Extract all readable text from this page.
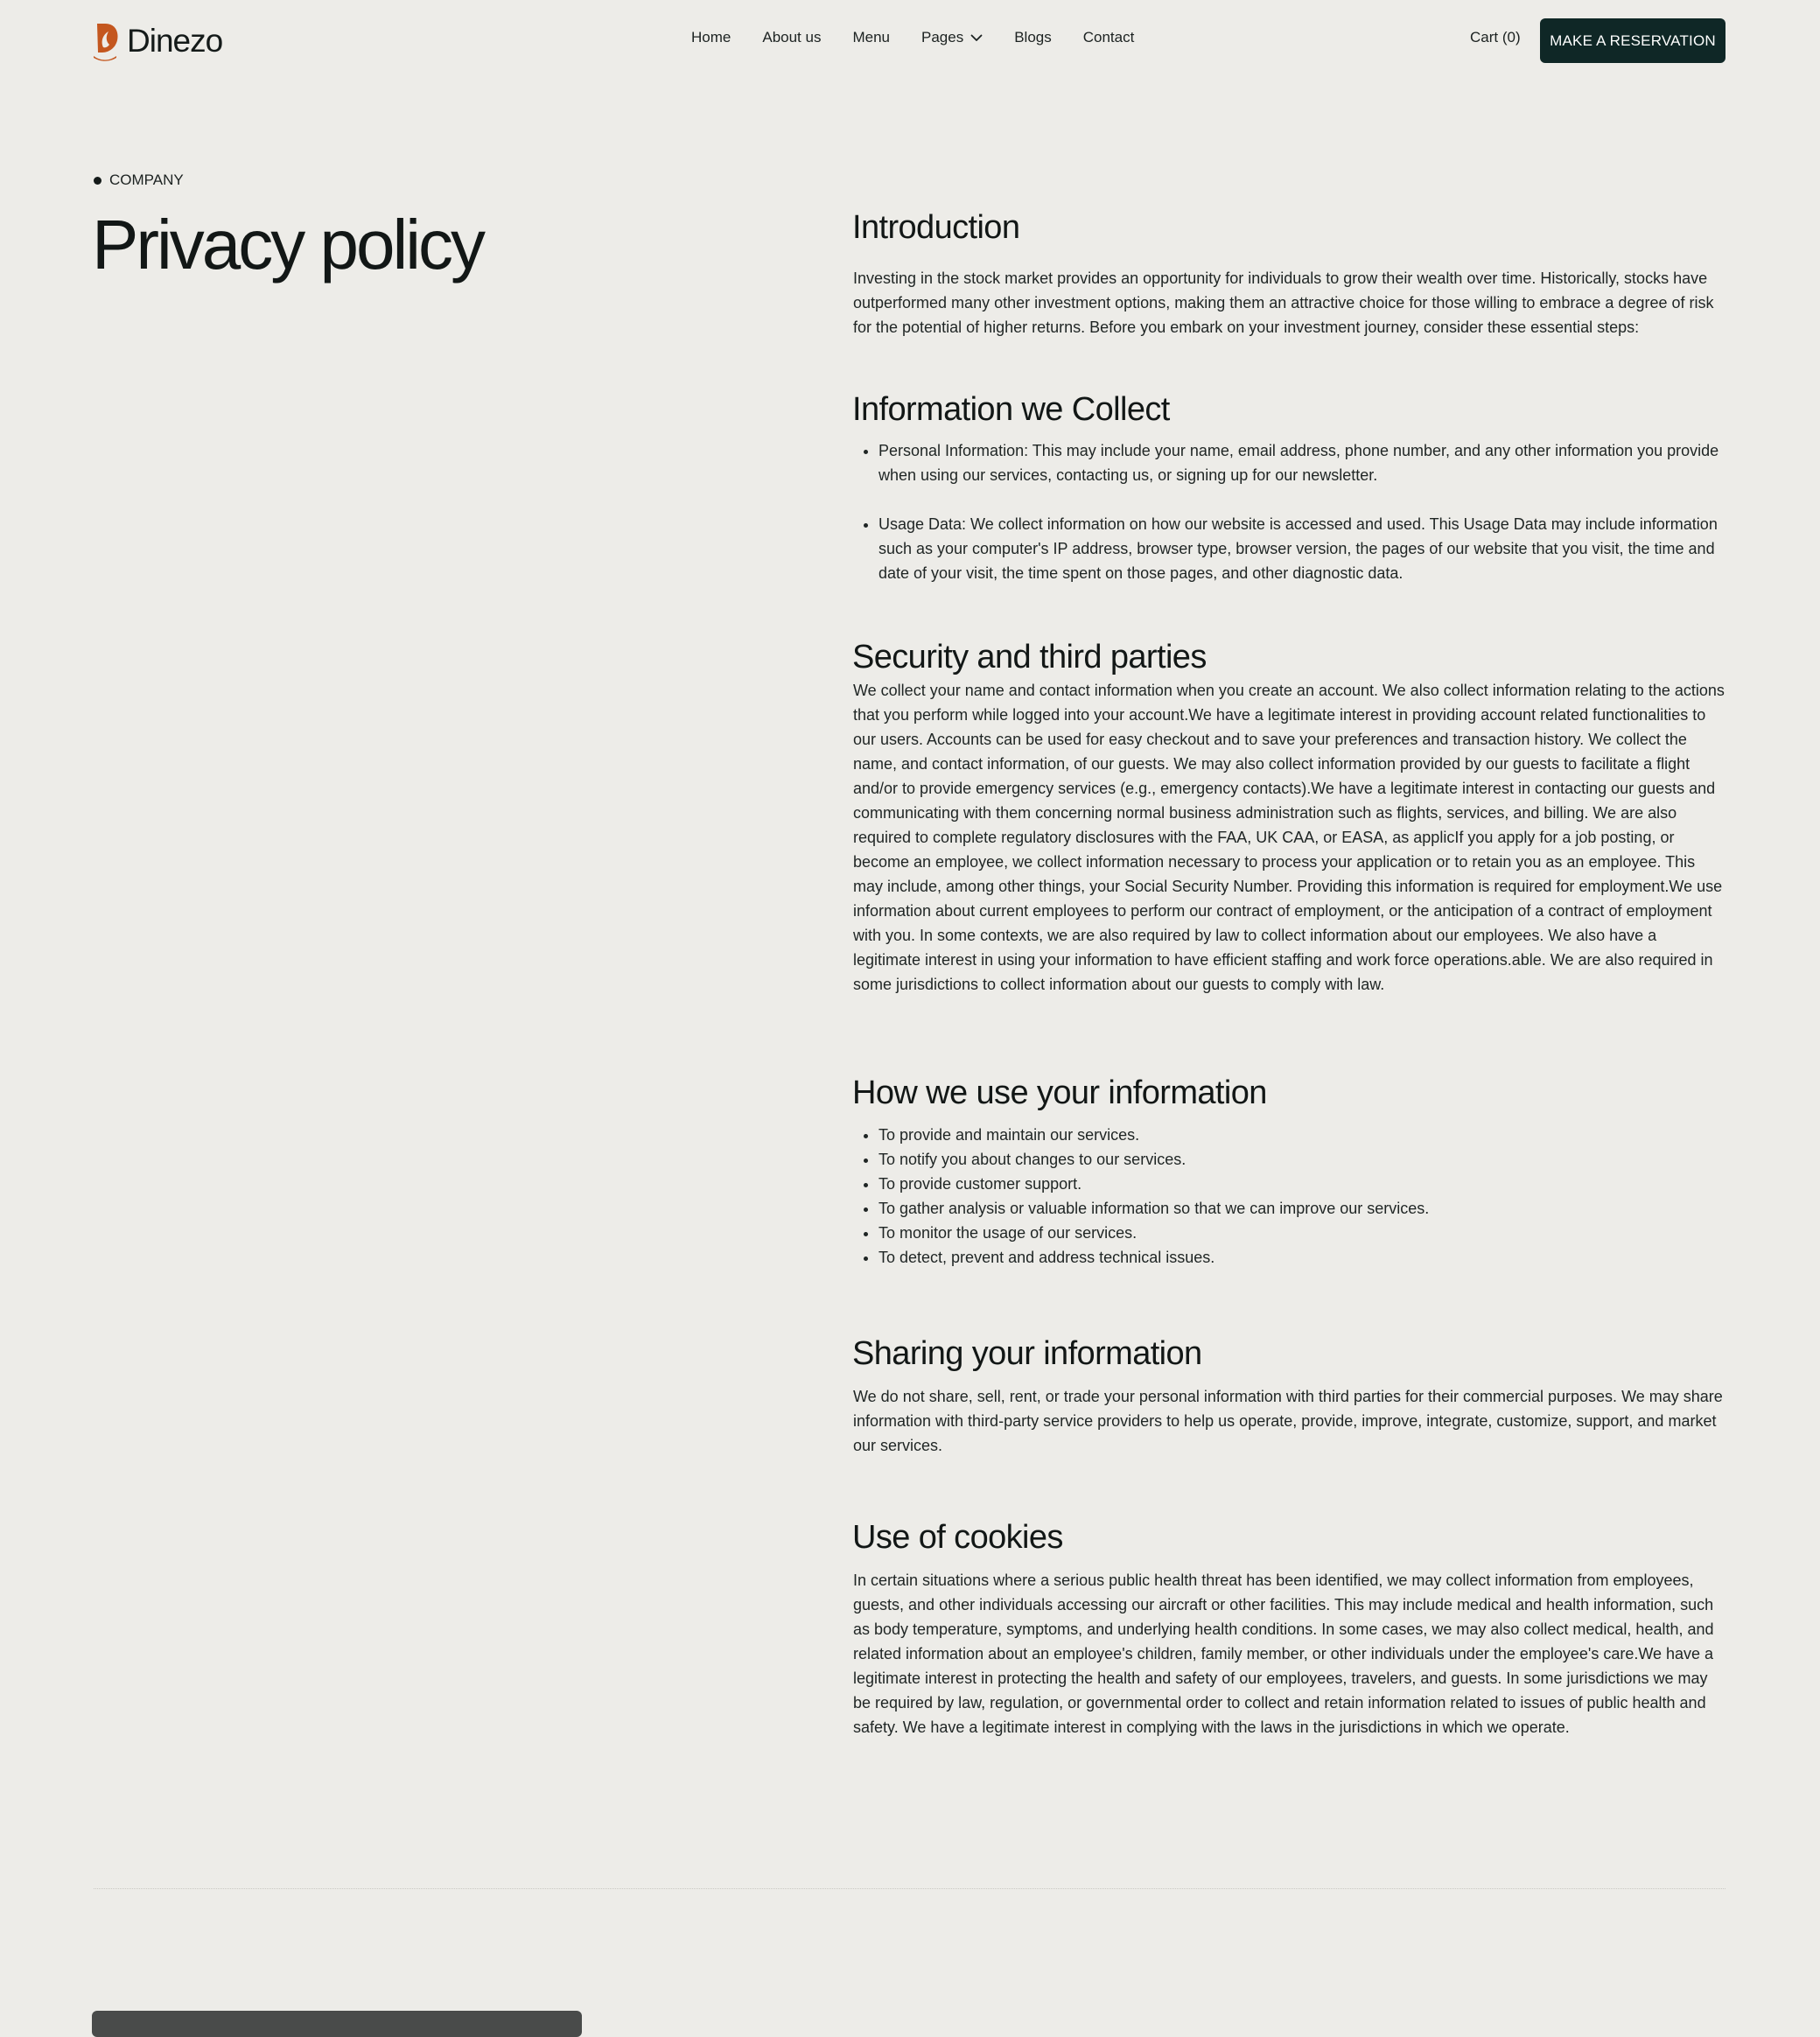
Dinezo	Home About us Menu Pages	Blogs Contact	Cart (0)	MAKE A RESERVATION
COMPANY
Privacy policy	Introduction

Investing in the stock market provides an opportunity for individuals to grow their wealth over time. Historically, stocks have outperformed many other investment options, making them an attractive choice for those willing to embrace a degree of risk for the potential of higher returns. Before you embark on your investment journey, consider these essential steps:

Information we Collect
• Personal Information: This may include your name, email address, phone number, and any other information you provide when using our services, contacting us, or signing up for our newsletter.
• Usage Data: We collect information on how our website is accessed and used. This Usage Data may include information such as your computer's IP address, browser type, browser version, the pages of our website that you visit, the time and date of your visit, the time spent on those pages, and other diagnostic data.
Security and third parties

We collect your name and contact information when you create an account. We also collect information relating to the actions that you perform while logged into your account.We have a legitimate interest in providing account related functionalities to our users. Accounts can be used for easy checkout and to save your preferences and transaction history. We collect the name, and contact information, of our guests. We may also collect information provided by our guests to facilitate a flight and/or to provide emergency services (e.g., emergency contacts).We have a legitimate interest in contacting our guests and communicating with them concerning normal business administration such as flights, services, and billing. We are also required to complete regulatory disclosures with the FAA, UK CAA, or EASA, as applicIf you apply for a job posting, or become an employee, we collect information necessary to process your application or to retain you as an employee. This may include, among other things, your Social Security Number. Providing this information is required for employment.We use information about current employees to perform our contract of employment, or the anticipation of a contract of employment with you. In some contexts, we are also required by law to collect information about our employees. We also have a legitimate interest in using your information to have efficient staffing and work force operations.able. We are also required in some jurisdictions to collect information about our guests to comply with law.

How we use your information
• To provide and maintain our services.
• To notify you about changes to our services.
• To provide customer support.
• To gather analysis or valuable information so that we can improve our services.
• To monitor the usage of our services.
• To detect, prevent and address technical issues.
Sharing your information

We do not share, sell, rent, or trade your personal information with third parties for their commercial purposes. We may share information with third-party service providers to help us operate, provide, improve, integrate, customize, support, and market our services.

Use of cookies

In certain situations where a serious public health threat has been identified, we may collect information from employees, guests, and other individuals accessing our aircraft or other facilities. This may include medical and health information, such as body temperature, symptoms, and underlying health conditions. In some cases, we may also collect medical, health, and related information about an employee's children, family member, or other individuals under the employee's care.We have a legitimate interest in protecting the health and safety of our employees, travelers, and guests. In some jurisdictions we may be required by law, regulation, or governmental order to collect and retain information related to issues of public health and safety. We have a legitimate interest in complying with the laws in the jurisdictions in which we operate.
